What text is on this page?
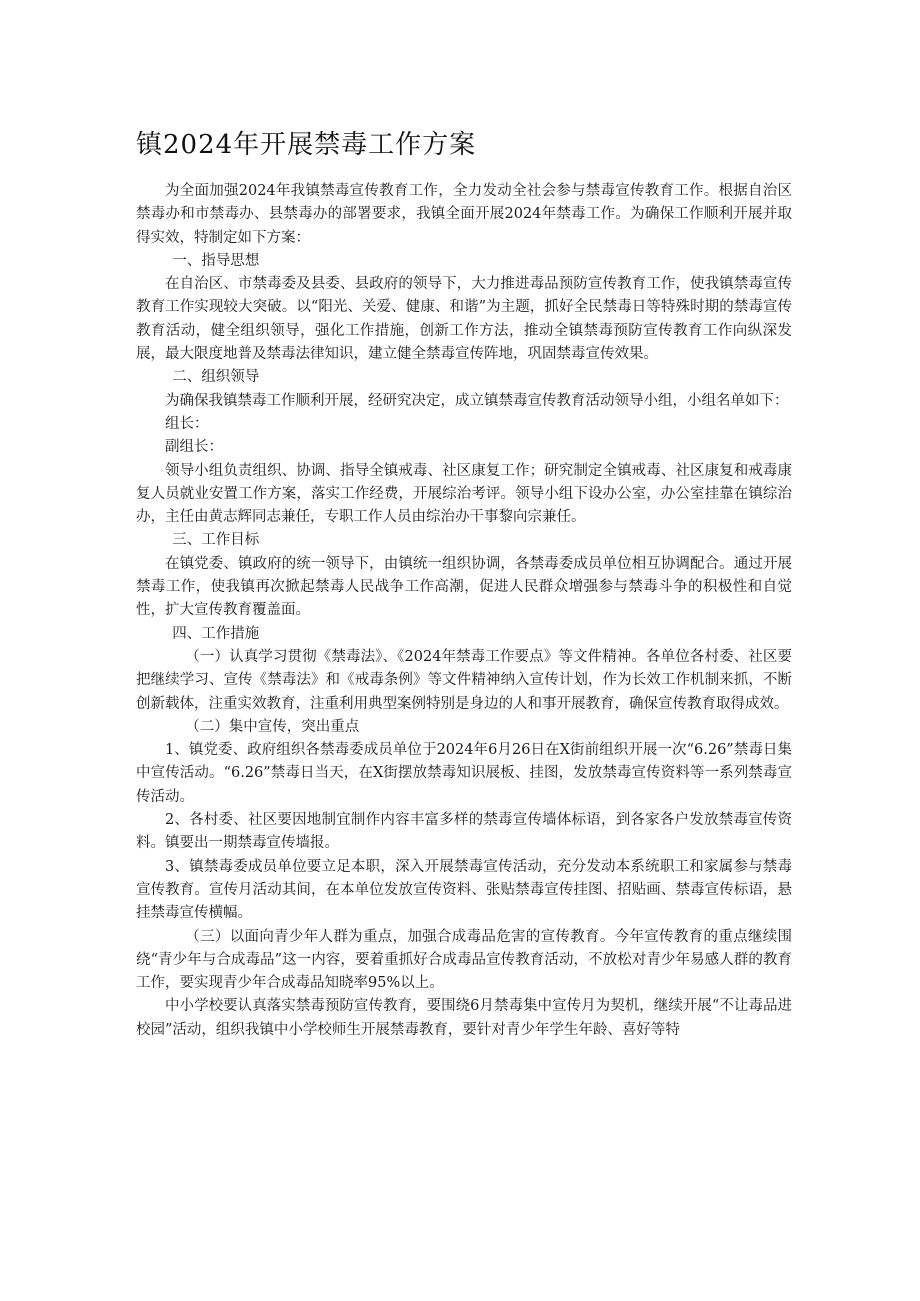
镇2024年开展禁毒工作方案

为全面加强2024年我镇禁毒宣传教育工作，全力发动全社会参与禁毒宣传教育工作。根据自治区禁毒办和市禁毒办、县禁毒办的部署要求，我镇全面开展2024年禁毒工作。为确保工作顺利开展并取得实效，特制定如下方案：

一、指导思想

在自治区、市禁毒委及县委、县政府的领导下，大力推进毒品预防宣传教育工作，使我镇禁毒宣传教育工作实现较大突破。以“阳光、关爱、健康、和谐”为主题，抓好全民禁毒日等特殊时期的禁毒宣传教育活动，健全组织领导，强化工作措施，创新工作方法，推动全镇禁毒预防宣传教育工作向纵深发展，最大限度地普及禁毒法律知识，建立健全禁毒宣传阵地，巩固禁毒宣传效果。

二、组织领导

为确保我镇禁毒工作顺利开展，经研究决定，成立镇禁毒宣传教育活动领导小组，小组名单如下：

组长：

副组长：

领导小组负责组织、协调、指导全镇戒毒、社区康复工作；研究制定全镇戒毒、社区康复和戒毒康复人员就业安置工作方案，落实工作经费，开展综治考评。领导小组下设办公室，办公室挂靠在镇综治办，主任由黄志辉同志兼任，专职工作人员由综治办干事黎向宗兼任。

三、工作目标

在镇党委、镇政府的统一领导下，由镇统一组织协调，各禁毒委成员单位相互协调配合。通过开展禁毒工作，使我镇再次掀起禁毒人民战争工作高潮，促进人民群众增强参与禁毒斗争的积极性和自觉性，扩大宣传教育覆盖面。

四、工作措施

（一）认真学习贯彻《禁毒法》、《2024年禁毒工作要点》等文件精神。各单位各村委、社区要把继续学习、宣传《禁毒法》和《戒毒条例》等文件精神纳入宣传计划，作为长效工作机制来抓，不断创新载体，注重实效教育，注重利用典型案例特别是身边的人和事开展教育，确保宣传教育取得成效。

（二）集中宣传，突出重点

1、镇党委、政府组织各禁毒委成员单位于2024年6月26日在X街前组织开展一次“6.26”禁毒日集中宣传活动。“6.26”禁毒日当天，在X街摆放禁毒知识展板、挂图，发放禁毒宣传资料等一系列禁毒宣传活动。

2、各村委、社区要因地制宜制作内容丰富多样的禁毒宣传墙体标语，到各家各户发放禁毒宣传资料。镇要出一期禁毒宣传墙报。

3、镇禁毒委成员单位要立足本职，深入开展禁毒宣传活动，充分发动本系统职工和家属参与禁毒宣传教育。宣传月活动其间，在本单位发放宣传资料、张贴禁毒宣传挂图、招贴画、禁毒宣传标语，悬挂禁毒宣传横幅。

（三）以面向青少年人群为重点，加强合成毒品危害的宣传教育。今年宣传教育的重点继续围绕“青少年与合成毒品”这一内容，要着重抓好合成毒品宣传教育活动，不放松对青少年易感人群的教育工作，要实现青少年合成毒品知晓率95%以上。

中小学校要认真落实禁毒预防宣传教育，要围绕6月禁毒集中宣传月为契机，继续开展“不让毒品进校园”活动，组织我镇中小学校师生开展禁毒教育，要针对青少年学生年龄、喜好等特
